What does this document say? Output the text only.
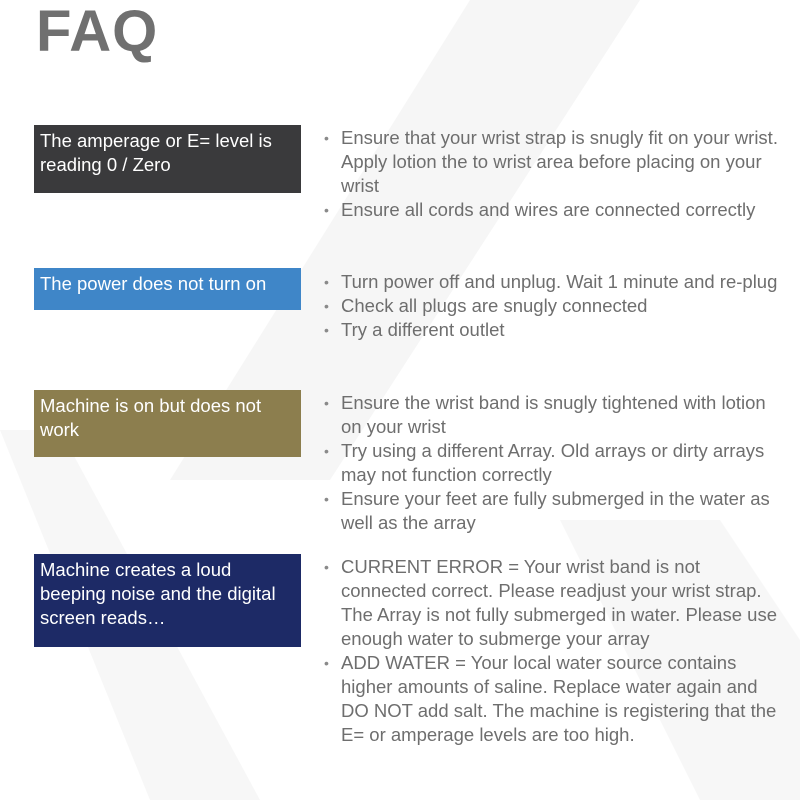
FAQ
The amperage or E= level is reading 0 / Zero
• Ensure that your wrist strap is snugly fit on your wrist. Apply lotion the to wrist area before placing on your wrist
• Ensure all cords and wires are connected correctly
The power does not turn on	• Turn power off and unplug. Wait 1 minute and re-plug
• Check all plugs are snugly connected
• Try a different outlet
Machine is on but does not work
• Ensure the wrist band is snugly tightened with lotion on your wrist
• Try using a different Array. Old arrays or dirty arrays may not function correctly
• Ensure your feet are fully submerged in the water as well as the array
Machine creates a loud beeping noise and the digital screen reads…
• CURRENT ERROR = Your wrist band is not connected correct. Please readjust your wrist strap. The Array is not fully submerged in water. Please use enough water to submerge your array
• ADD WATER = Your local water source contains higher amounts of saline. Replace water again and DO NOT add salt. The machine is registering that the E= or amperage levels are too high.
